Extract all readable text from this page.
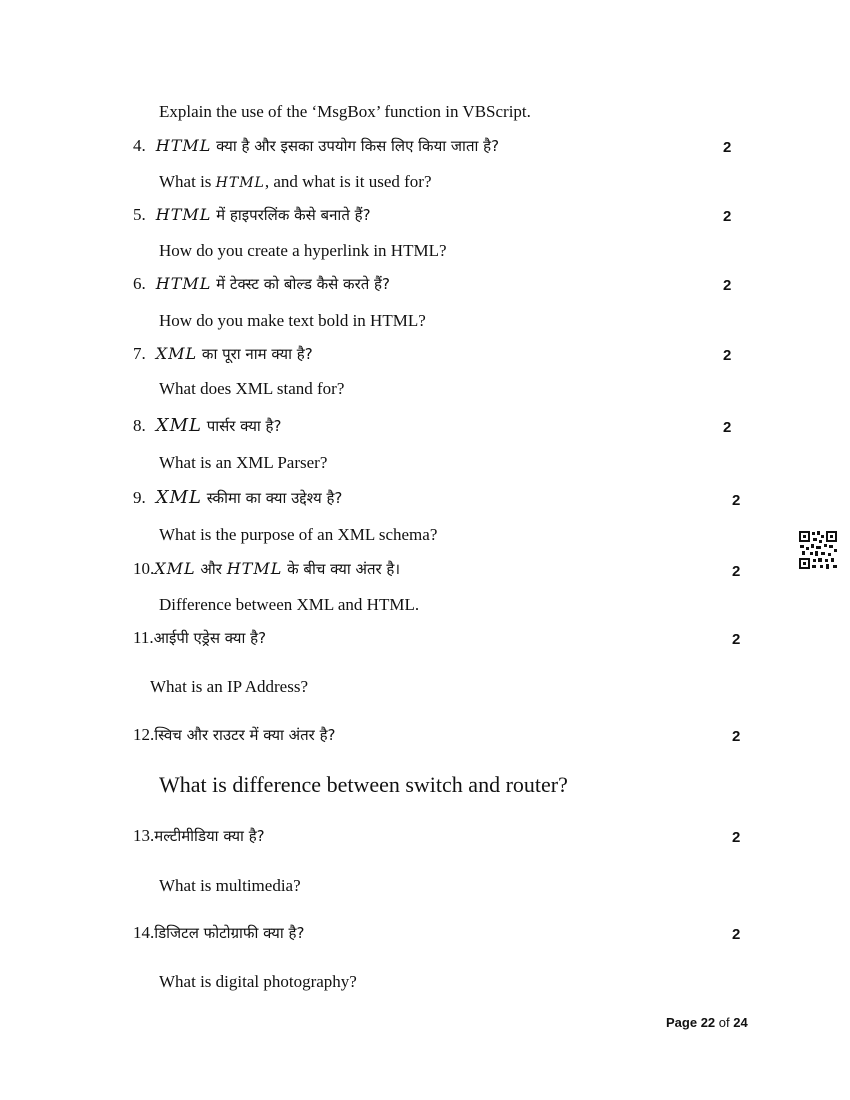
Explain the use of the ‘MsgBox’ function in VBScript.
4. HTML क्या है और इसका उपयोग किस लिए किया जाता है?	2
What is HTML, and what is it used for?
5. HTML में हाइपरलिंक कैसे बनाते हैं?	2
How do you create a hyperlink in HTML?
6. HTML में टेक्स्ट को बोल्ड कैसे करते हैं?	2
How do you make text bold in HTML?
7. XML का पूरा नाम क्या है?	2
What does XML stand for?
8. XML पार्सर क्या है?	2
What is an XML Parser?
9. XML स्कीमा का क्या उद्देश्य है?	2
What is the purpose of an XML schema?
10.XML और HTML के बीच क्या अंतर है।	2
Difference between XML and HTML.
11.आईपी एड्रेस क्या है?	2
What is an IP Address?
12.स्विच और राउटर में क्या अंतर है?	2
What is difference between switch and router?
13.मल्टीमीडिया क्या है?	2
What is multimedia?
14.डिजिटल फोटोग्राफी क्या है?	2
What is digital photography?
Page 22 of 24
